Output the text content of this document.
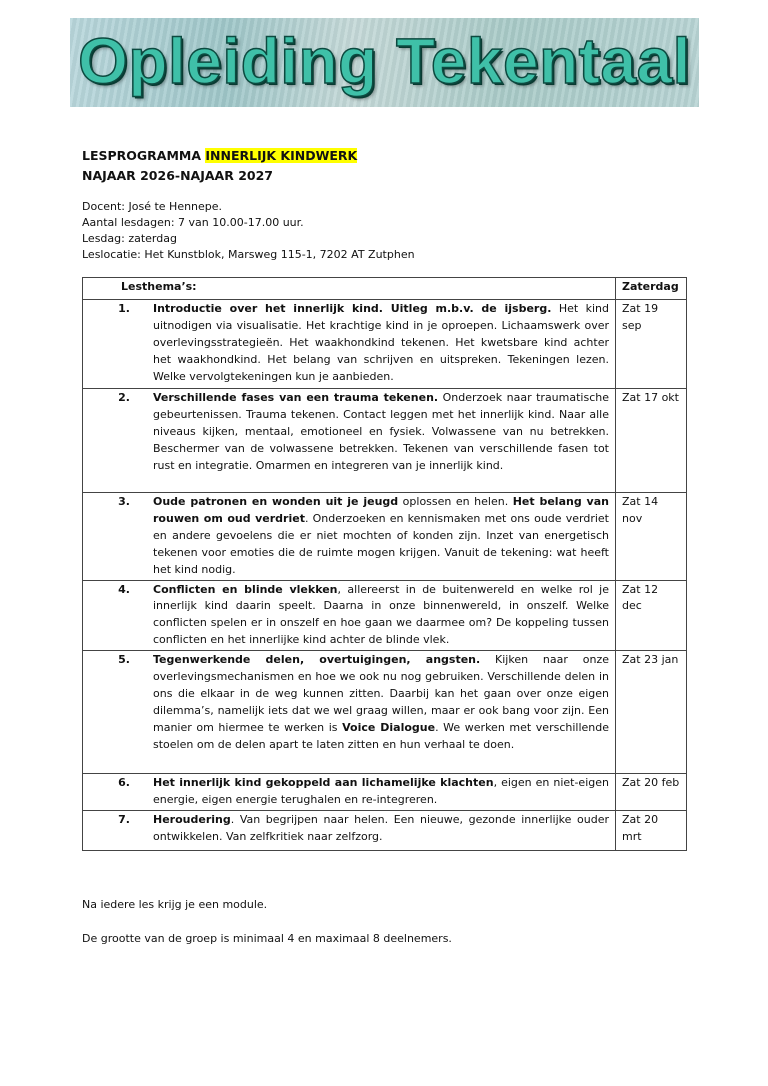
Opleiding Tekentaal
LESPROGRAMMA INNERLIJK KINDWERK
NAJAAR 2026-NAJAAR 2027
Docent: José te Hennepe.
Aantal lesdagen: 7 van 10.00-17.00 uur.
Lesdag: zaterdag
Leslocatie: Het Kunstblok, Marsweg 115-1, 7202 AT Zutphen
Lesthema’s:	Zaterdag

1. Introductie over het innerlijk kind. Uitleg m.b.v. de ijsberg. Het kind uitnodigen via visualisatie. Het krachtige kind in je oproepen. Lichaamswerk over overlevingsstrategieën. Het waakhondkind tekenen. Het kwetsbare kind achter het waakhondkind. Het belang van schrijven en uitspreken. Tekeningen lezen. Welke vervolgtekeningen kun je aanbieden.	Zat 19 sep

2. Verschillende fases van een trauma tekenen. Onderzoek naar traumatische gebeurtenissen. Trauma tekenen. Contact leggen met het innerlijk kind. Naar alle niveaus kijken, mentaal, emotioneel en fysiek. Volwassene van nu betrekken. Beschermer van de volwassene betrekken. Tekenen van verschillende fasen tot rust en integratie. Omarmen en integreren van je innerlijk kind.	Zat 17 okt

3. Oude patronen en wonden uit je jeugd oplossen en helen. Het belang van rouwen om oud verdriet. Onderzoeken en kennismaken met ons oude verdriet en andere gevoelens die er niet mochten of konden zijn. Inzet van energetisch tekenen voor emoties die de ruimte mogen krijgen. Vanuit de tekening: wat heeft het kind nodig.	Zat 14 nov

4. Conflicten en blinde vlekken, allereerst in de buitenwereld en welke rol je innerlijk kind daarin speelt. Daarna in onze binnenwereld, in onszelf. Welke conflicten spelen er in onszelf en hoe gaan we daarmee om? De koppeling tussen conflicten en het innerlijke kind achter de blinde vlek.	Zat 12 dec

5. Tegenwerkende delen, overtuigingen, angsten. Kijken naar onze overlevingsmechanismen en hoe we ook nu nog gebruiken. Verschillende delen in ons die elkaar in de weg kunnen zitten. Daarbij kan het gaan over onze eigen dilemma’s, namelijk iets dat we wel graag willen, maar er ook bang voor zijn. Een manier om hiermee te werken is Voice Dialogue. We werken met verschillende stoelen om de delen apart te laten zitten en hun verhaal te doen.	Zat 23 jan

6. Het innerlijk kind gekoppeld aan lichamelijke klachten, eigen en niet-eigen energie, eigen energie terughalen en re-integreren.	Zat 20 feb

7. Heroudering. Van begrijpen naar helen. Een nieuwe, gezonde innerlijke ouder ontwikkelen. Van zelfkritiek naar zelfzorg.	Zat 20 mrt
Na iedere les krijg je een module.
De grootte van de groep is minimaal 4 en maximaal 8 deelnemers.
